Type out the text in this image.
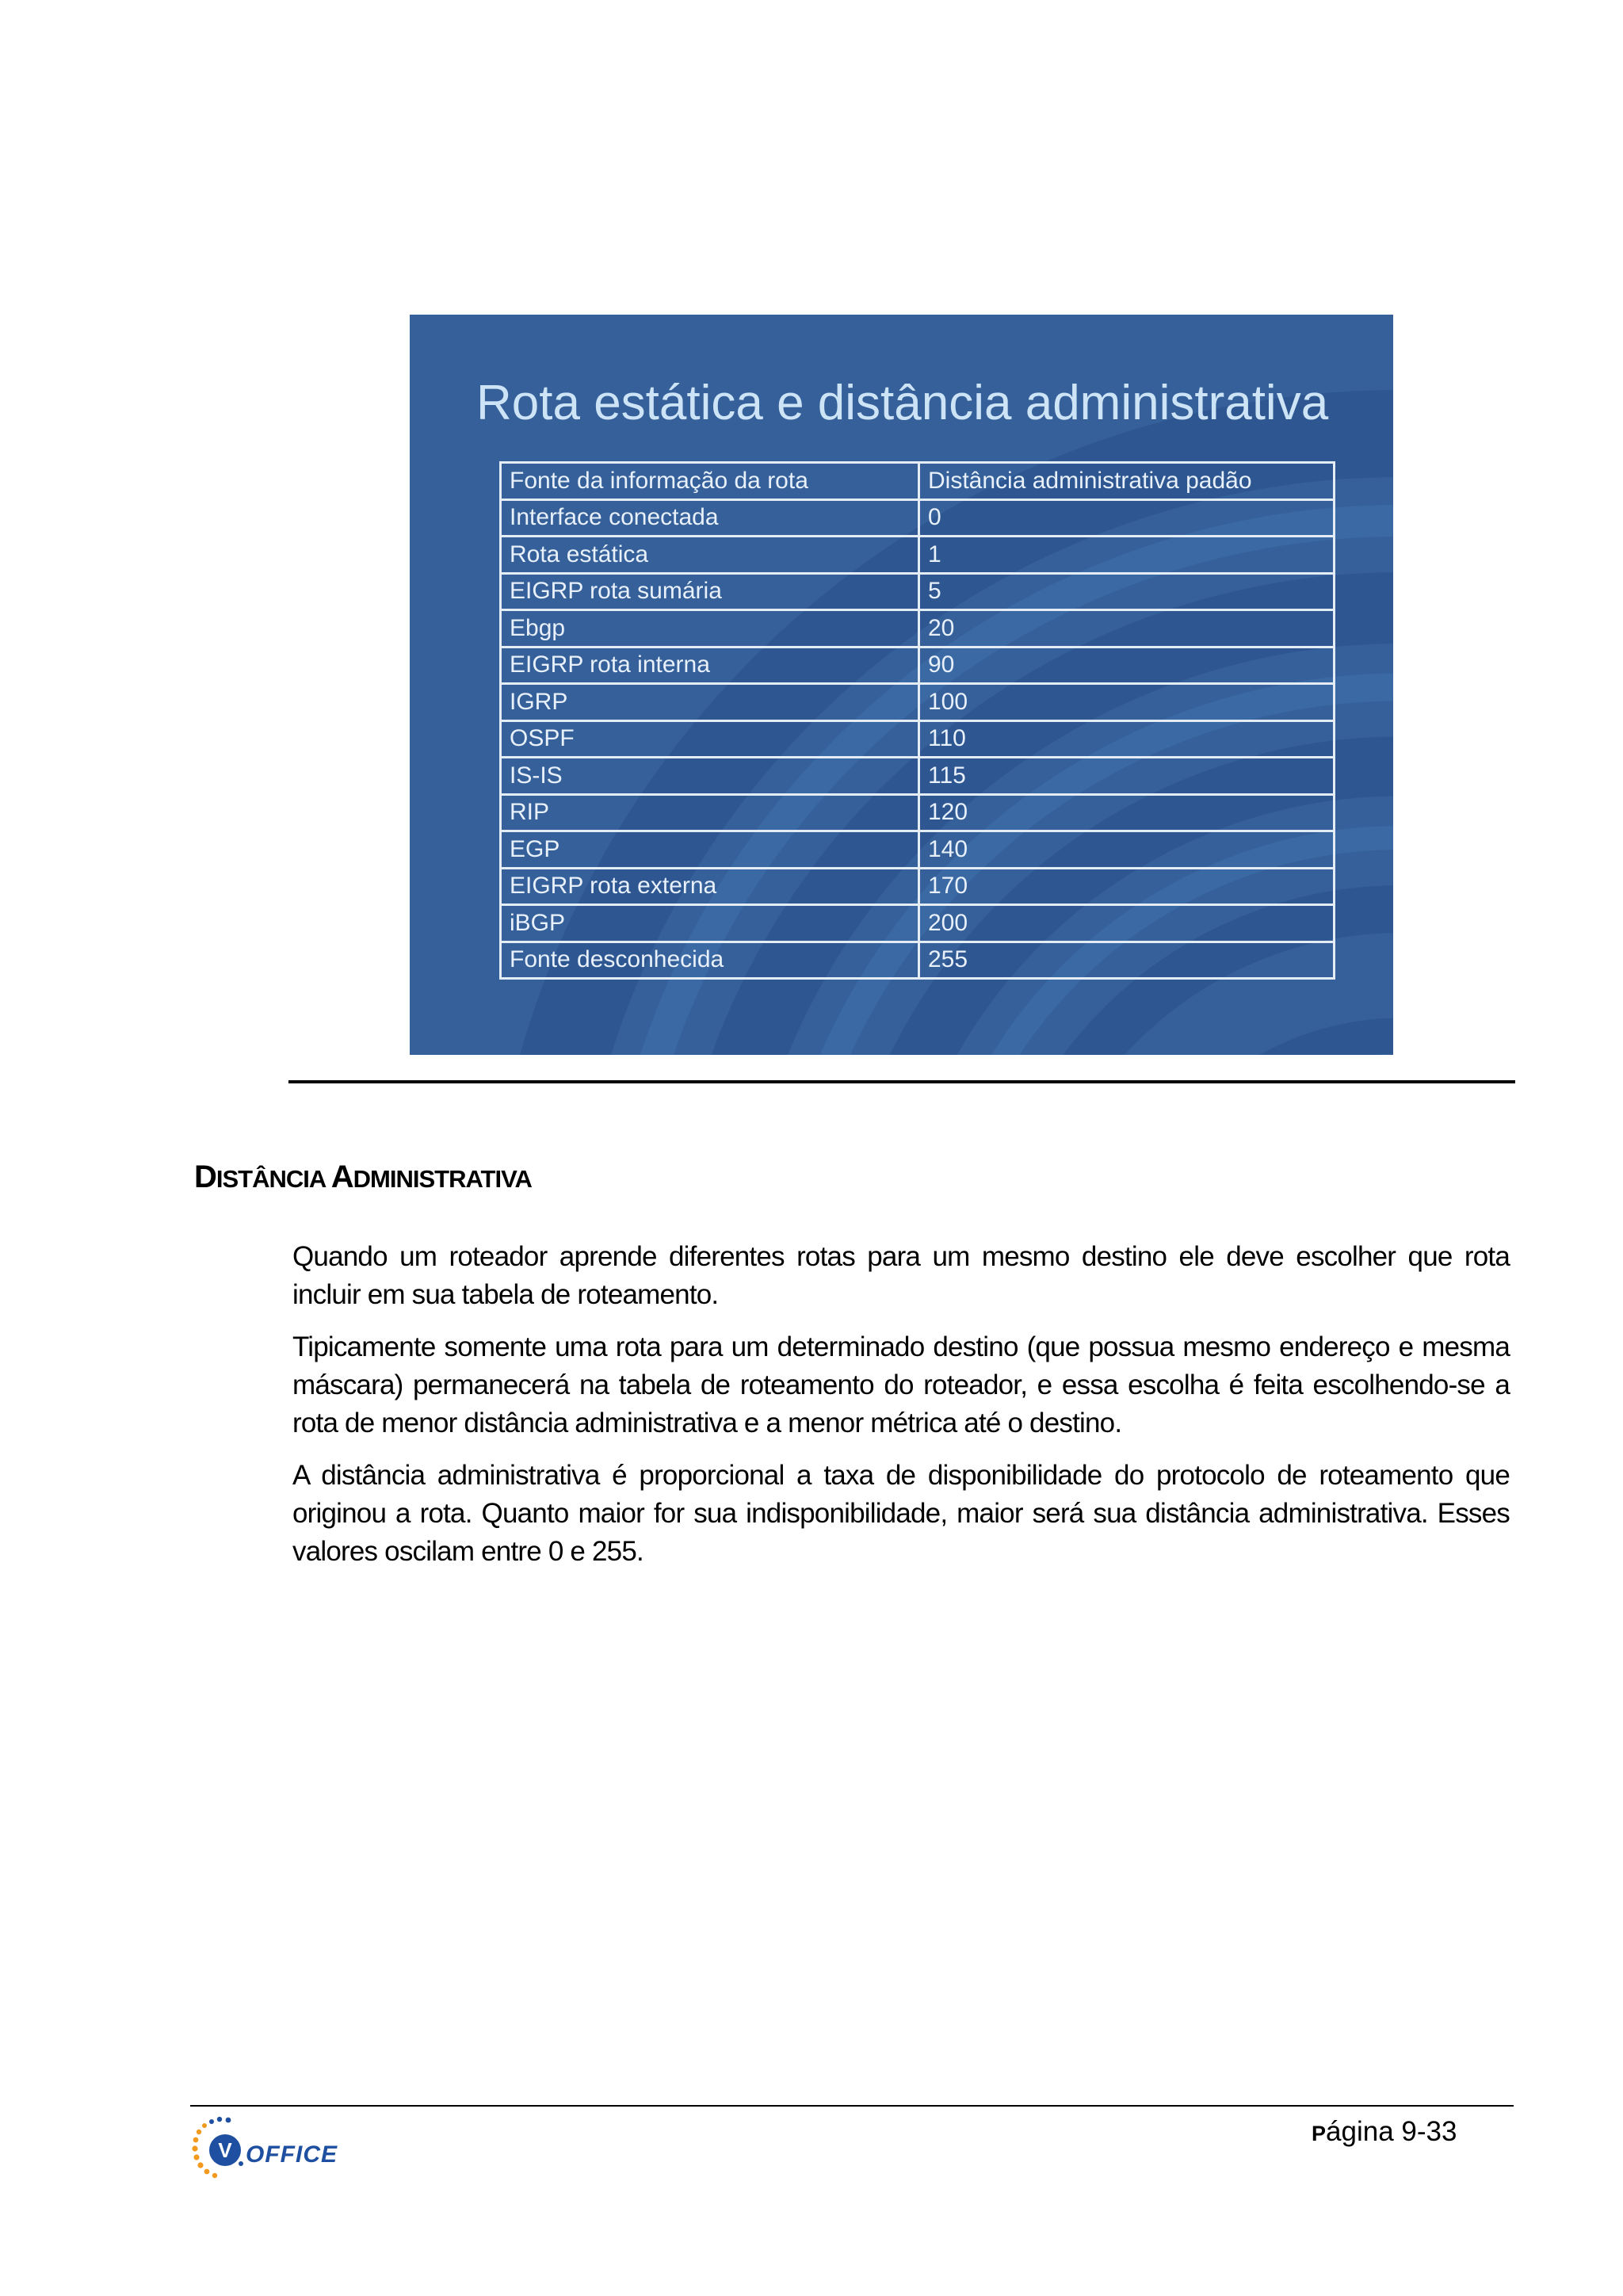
Rota estática e distância administrativa
Fonte da informação da rota	Distância administrativa padão
Interface conectada	0
Rota estática	1
EIGRP rota sumária	5
Ebgp	20
EIGRP rota interna	90
IGRP	100
OSPF	110
IS-IS	115
RIP	120
EGP	140
EIGRP rota externa	170
iBGP	200
Fonte desconhecida	255
DISTÂNCIA ADMINISTRATIVA

Quando um roteador aprende diferentes rotas para um mesmo destino ele deve escolher que rota incluir em sua tabela de roteamento.

Tipicamente somente uma rota para um determinado destino (que possua mesmo endereço e mesma máscara) permanecerá na tabela de roteamento do roteador, e essa escolha é feita escolhendo-se a rota de menor distância administrativa e a menor métrica até o destino.

A distância administrativa é proporcional a taxa de disponibilidade do protocolo de roteamento que originou a rota. Quanto maior for sua indisponibilidade, maior será sua distância administrativa. Esses valores oscilam entre 0 e 255.

V OFFICE
Página 9-33
